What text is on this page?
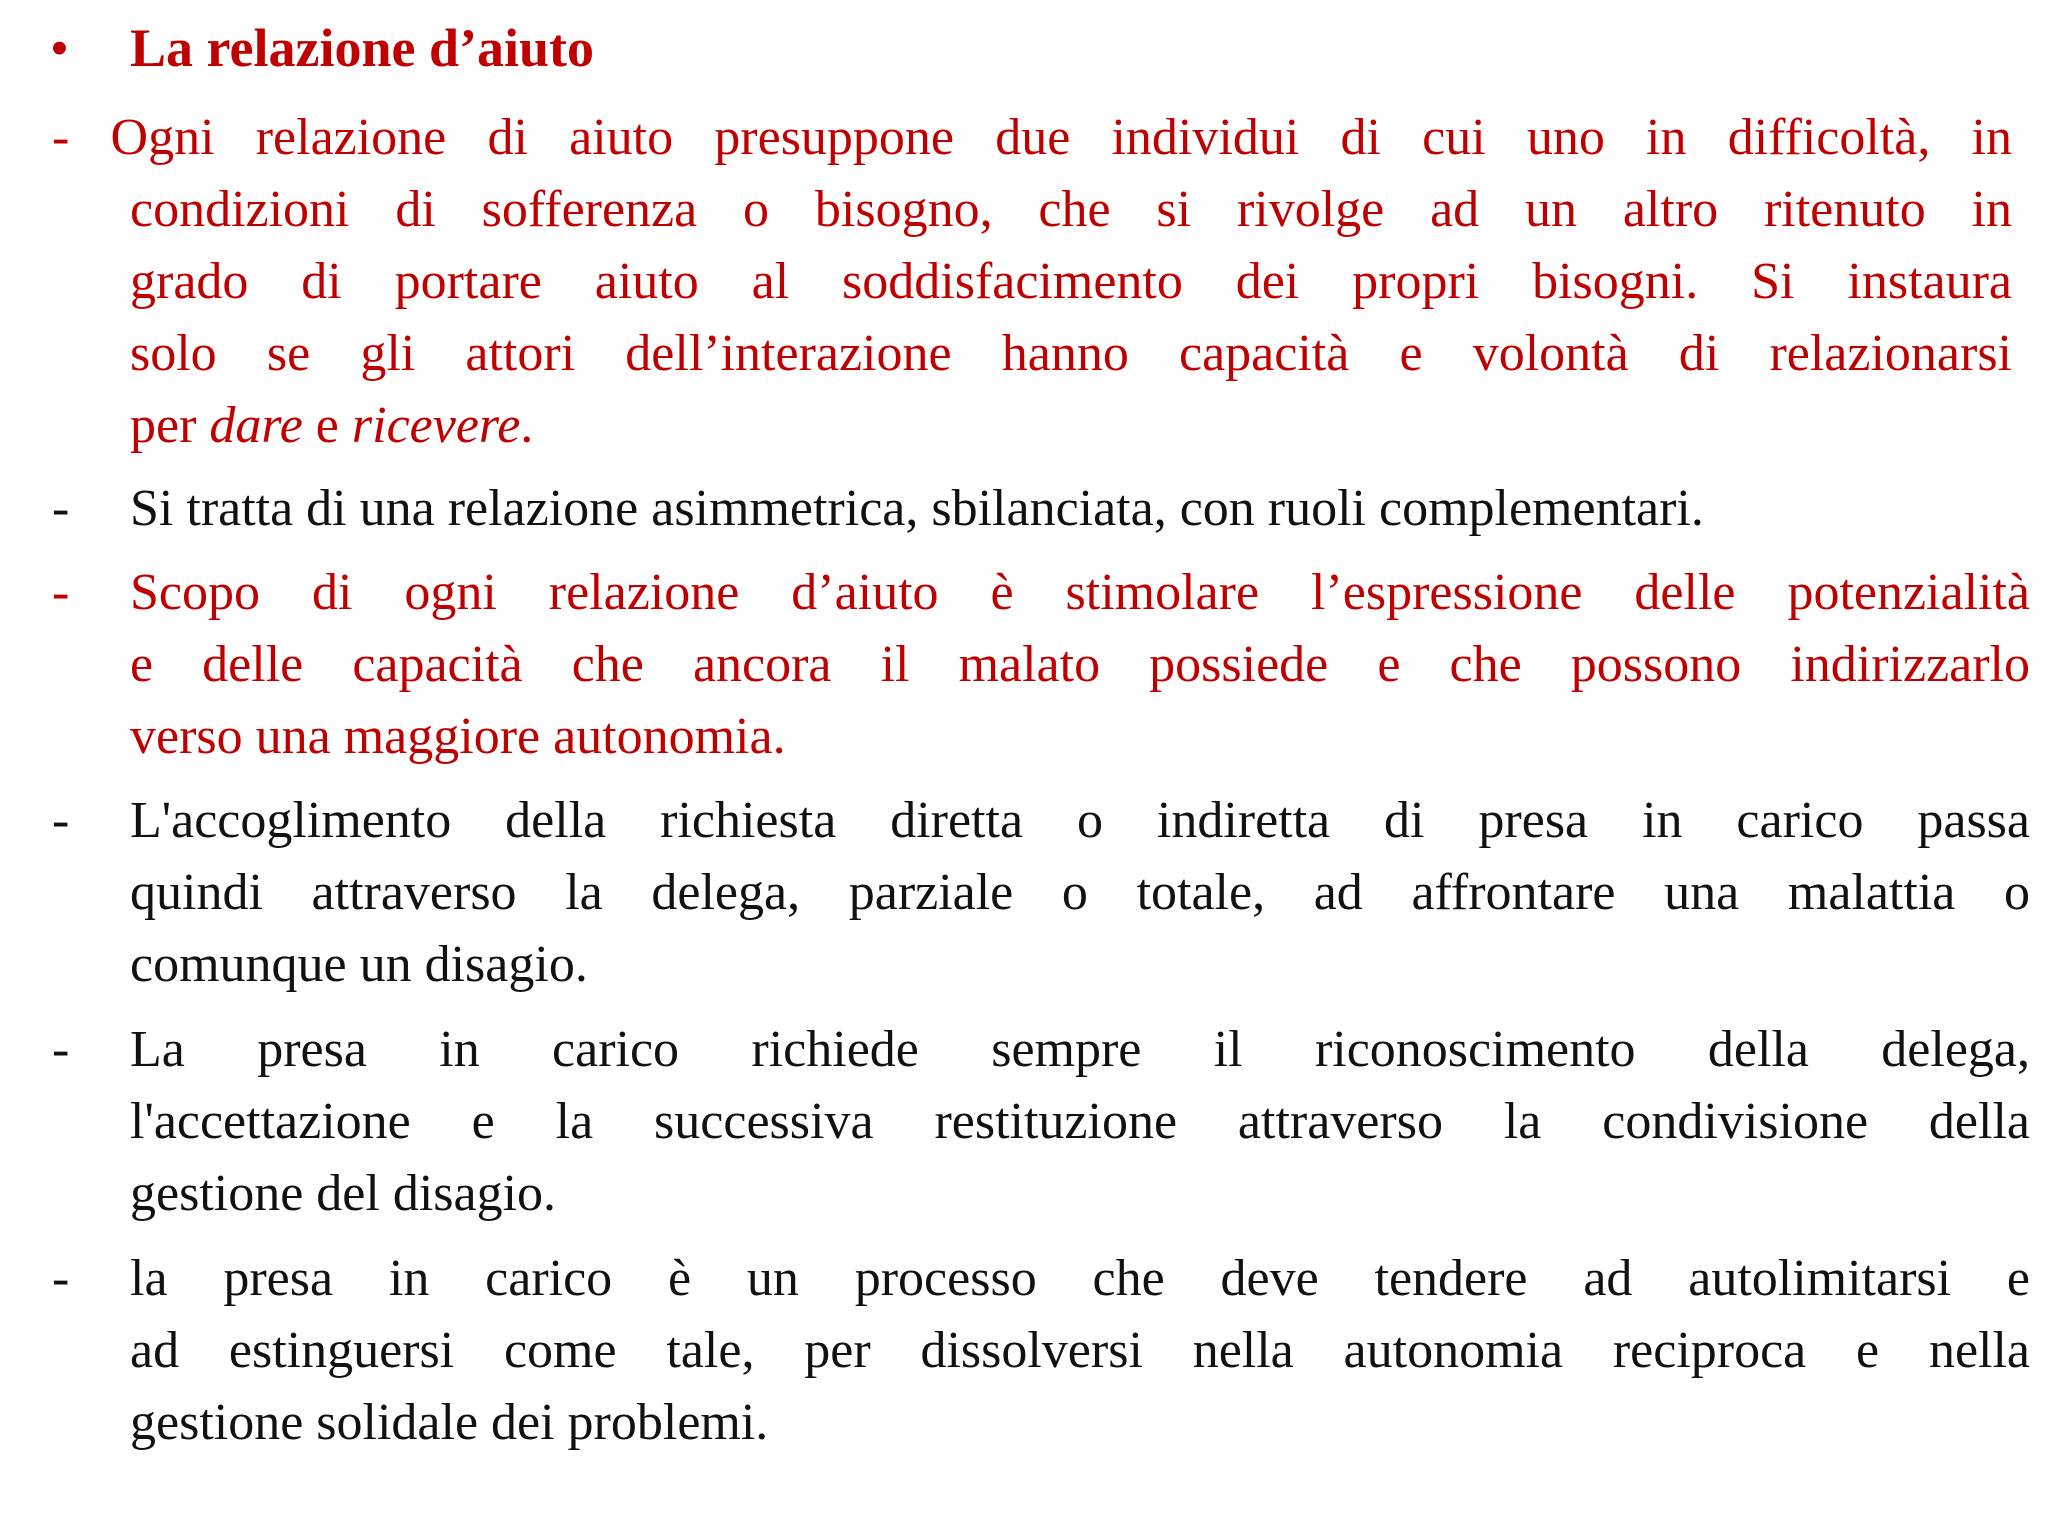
•	La relazione d’aiuto
- Ogni relazione di aiuto presuppone due individui di cui uno in difficoltà, in
condizioni di sofferenza o bisogno, che si rivolge ad un altro ritenuto in
grado di portare aiuto al soddisfacimento dei propri bisogni. Si instaura
solo se gli attori dell’interazione hanno capacità e volontà di relazionarsi
per dare e ricevere.
- Si tratta di una relazione asimmetrica, sbilanciata, con ruoli complementari.
- Scopo di ogni relazione d’aiuto è stimolare l’espressione delle potenzialità
e delle capacità che ancora il malato possiede e che possono indirizzarlo
verso una maggiore autonomia.
- L'accoglimento della richiesta diretta o indiretta di presa in carico passa
quindi attraverso la delega, parziale o totale, ad affrontare una malattia o
comunque un disagio.
- La presa in carico richiede sempre il riconoscimento della delega,
l'accettazione e la successiva restituzione attraverso la condivisione della
gestione del disagio.
- la presa in carico è un processo che deve tendere ad autolimitarsi e
ad estinguersi come tale, per dissolversi nella autonomia reciproca e nella
gestione solidale dei problemi.
